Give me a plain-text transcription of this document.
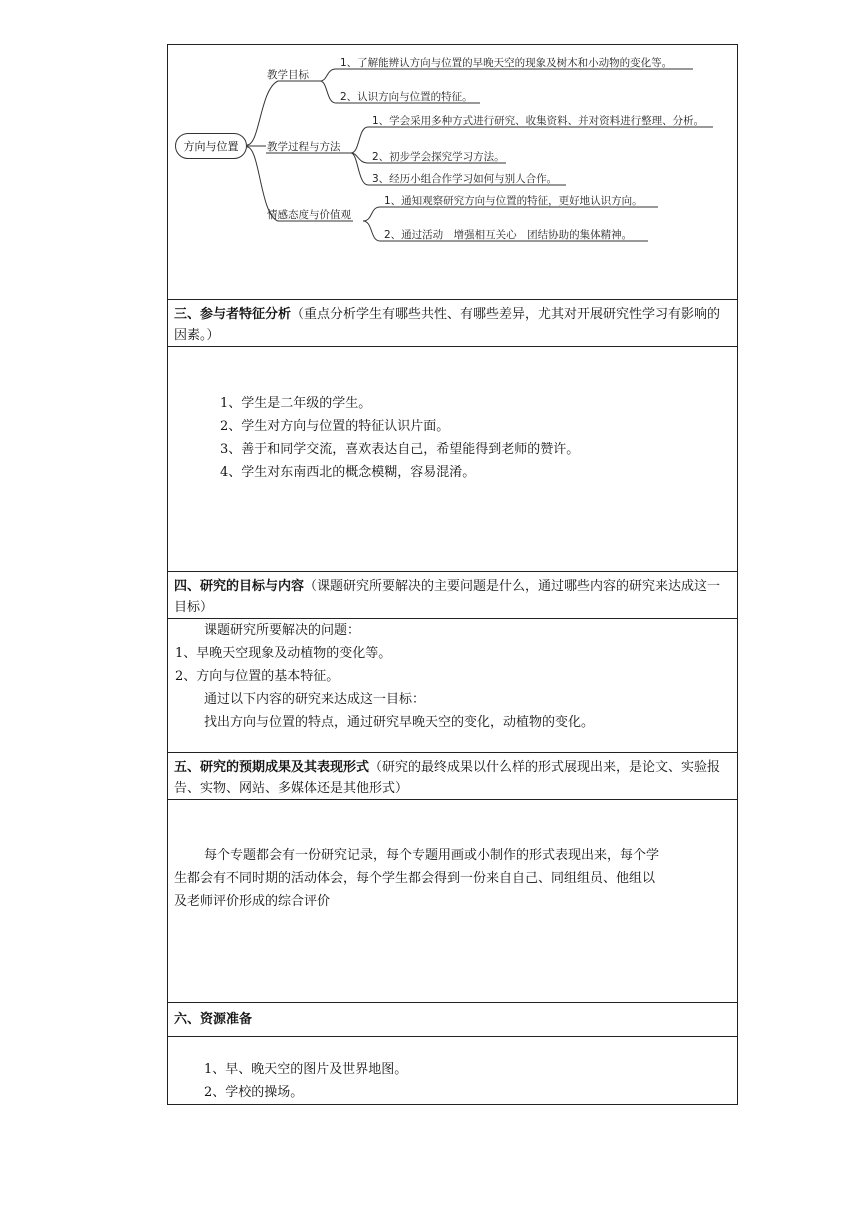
方向与位置
教学目标
1、了解能辨认方向与位置的早晚天空的现象及树木和小动物的变化等。
2、认识方向与位置的特征。
教学过程与方法
1、学会采用多种方式进行研究、收集资料、并对资料进行整理、分析。
2、初步学会探究学习方法。
3、经历小组合作学习如何与别人合作。
情感态度与价值观
1、通知观察研究方向与位置的特征，更好地认识方向。
2、通过活动　增强相互关心　团结协助的集体精神。
三、参与者特征分析（重点分析学生有哪些共性、有哪些差异，尤其对开展研究性学习有影响的因素。）
1、学生是二年级的学生。
2、学生对方向与位置的特征认识片面。
3、善于和同学交流，喜欢表达自己，希望能得到老师的赞许。
4、学生对东南西北的概念模糊，容易混淆。
四、研究的目标与内容（课题研究所要解决的主要问题是什么，通过哪些内容的研究来达成这一目标）
课题研究所要解决的问题：
1、早晚天空现象及动植物的变化等。
2、方向与位置的基本特征。
通过以下内容的研究来达成这一目标：
找出方向与位置的特点，通过研究早晚天空的变化，动植物的变化。
五、研究的预期成果及其表现形式（研究的最终成果以什么样的形式展现出来，是论文、实验报告、实物、网站、多媒体还是其他形式）
每个专题都会有一份研究记录，每个专题用画或小制作的形式表现出来，每个学
生都会有不同时期的活动体会，每个学生都会得到一份来自自己、同组组员、他组以
及老师评价形成的综合评价
六、资源准备
1、早、晚天空的图片及世界地图。
2、学校的操场。
